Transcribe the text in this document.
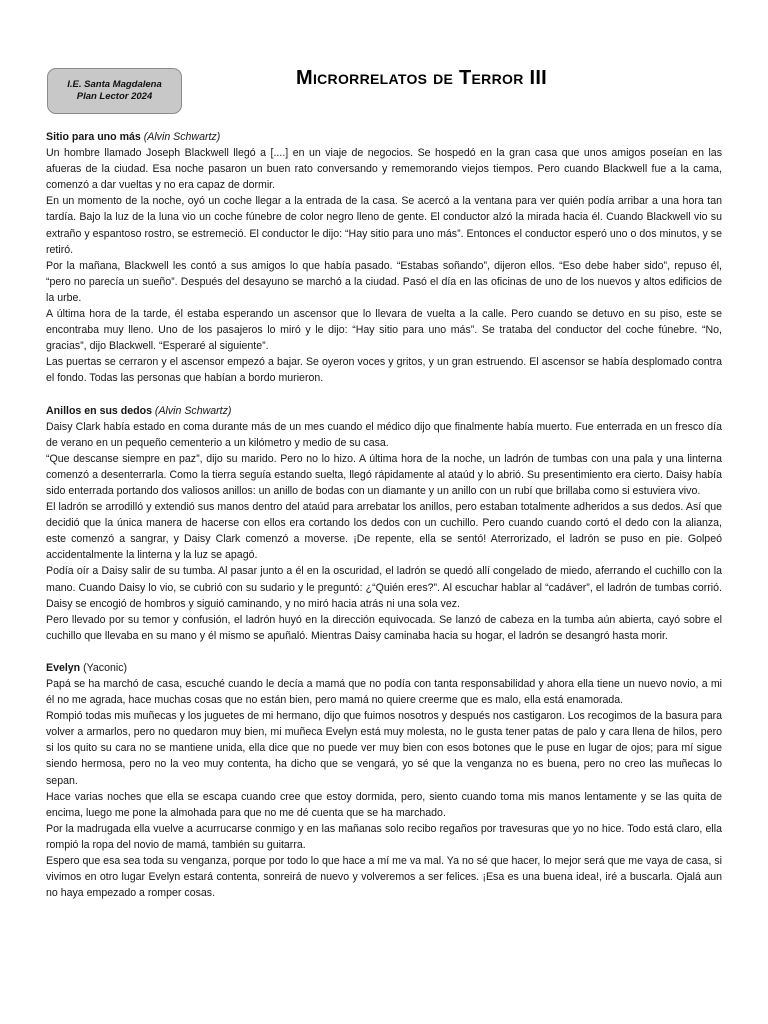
I.E. Santa Magdalena
Plan Lector 2024
Microrrelatos de Terror III

Sitio para uno más (Alvin Schwartz)

Un hombre llamado Joseph Blackwell llegó a [....] en un viaje de negocios. Se hospedó en la gran casa que unos amigos poseían en las afueras de la ciudad. Esa noche pasaron un buen rato conversando y rememorando viejos tiempos. Pero cuando Blackwell fue a la cama, comenzó a dar vueltas y no era capaz de dormir.

En un momento de la noche, oyó un coche llegar a la entrada de la casa. Se acercó a la ventana para ver quién podía arribar a una hora tan tardía. Bajo la luz de la luna vio un coche fúnebre de color negro lleno de gente. El conductor alzó la mirada hacia él. Cuando Blackwell vio su extraño y espantoso rostro, se estremeció. El conductor le dijo: “Hay sitio para uno más”. Entonces el conductor esperó uno o dos minutos, y se retiró.

Por la mañana, Blackwell les contó a sus amigos lo que había pasado. “Estabas soñando”, dijeron ellos. “Eso debe haber sido”, repuso él, “pero no parecía un sueño”. Después del desayuno se marchó a la ciudad. Pasó el día en las oficinas de uno de los nuevos y altos edificios de la urbe.

A última hora de la tarde, él estaba esperando un ascensor que lo llevara de vuelta a la calle. Pero cuando se detuvo en su piso, este se encontraba muy lleno. Uno de los pasajeros lo miró y le dijo: “Hay sitio para uno más”. Se trataba del conductor del coche fúnebre. “No, gracias”, dijo Blackwell. “Esperaré al siguiente”.

Las puertas se cerraron y el ascensor empezó a bajar. Se oyeron voces y gritos, y un gran estruendo. El ascensor se había desplomado contra el fondo. Todas las personas que habían a bordo murieron.

Anillos en sus dedos (Alvin Schwartz)

Daisy Clark había estado en coma durante más de un mes cuando el médico dijo que finalmente había muerto. Fue enterrada en un fresco día de verano en un pequeño cementerio a un kilómetro y medio de su casa.

“Que descanse siempre en paz”, dijo su marido. Pero no lo hizo. A última hora de la noche, un ladrón de tumbas con una pala y una linterna comenzó a desenterrarla. Como la tierra seguía estando suelta, llegó rápidamente al ataúd y lo abrió. Su presentimiento era cierto. Daisy había sido enterrada portando dos valiosos anillos: un anillo de bodas con un diamante y un anillo con un rubí que brillaba como si estuviera vivo.

El ladrón se arrodilló y extendió sus manos dentro del ataúd para arrebatar los anillos, pero estaban totalmente adheridos a sus dedos. Así que decidió que la única manera de hacerse con ellos era cortando los dedos con un cuchillo. Pero cuando cuando cortó el dedo con la alianza, este comenzó a sangrar, y Daisy Clark comenzó a moverse. ¡De repente, ella se sentó! Aterrorizado, el ladrón se puso en pie. Golpeó accidentalmente la linterna y la luz se apagó.

Podía oír a Daisy salir de su tumba. Al pasar junto a él en la oscuridad, el ladrón se quedó allí congelado de miedo, aferrando el cuchillo con la mano. Cuando Daisy lo vio, se cubrió con su sudario y le preguntó: ¿“Quién eres?”. Al escuchar hablar al “cadáver”, el ladrón de tumbas corrió. Daisy se encogió de hombros y siguió caminando, y no miró hacia atrás ni una sola vez.

Pero llevado por su temor y confusión, el ladrón huyó en la dirección equivocada. Se lanzó de cabeza en la tumba aún abierta, cayó sobre el cuchillo que llevaba en su mano y él mismo se apuñaló. Mientras Daisy caminaba hacia su hogar, el ladrón se desangró hasta morir.

Evelyn (Yaconic)

Papá se ha marchó de casa, escuché cuando le decía a mamá que no podía con tanta responsabilidad y ahora ella tiene un nuevo novio, a mi él no me agrada, hace muchas cosas que no están bien, pero mamá no quiere creerme que es malo, ella está enamorada.

Rompió todas mis muñecas y los juguetes de mi hermano, dijo que fuimos nosotros y después nos castigaron. Los recogimos de la basura para volver a armarlos, pero no quedaron muy bien, mi muñeca Evelyn está muy molesta, no le gusta tener patas de palo y cara llena de hilos, pero si los quito su cara no se mantiene unida, ella dice que no puede ver muy bien con esos botones que le puse en lugar de ojos; para mí sigue siendo hermosa, pero no la veo muy contenta, ha dicho que se vengará, yo sé que la venganza no es buena, pero no creo las muñecas lo sepan.

Hace varias noches que ella se escapa cuando cree que estoy dormida, pero, siento cuando toma mis manos lentamente y se las quita de encima, luego me pone la almohada para que no me dé cuenta que se ha marchado.

Por la madrugada ella vuelve a acurrucarse conmigo y en las mañanas solo recibo regaños por travesuras que yo no hice. Todo está claro, ella rompió la ropa del novio de mamá, también su guitarra.

Espero que esa sea toda su venganza, porque por todo lo que hace a mí me va mal. Ya no sé que hacer, lo mejor será que me vaya de casa, si vivimos en otro lugar Evelyn estará contenta, sonreirá de nuevo y volveremos a ser felices. ¡Esa es una buena idea!, iré a buscarla. Ojalá aun no haya empezado a romper cosas.
